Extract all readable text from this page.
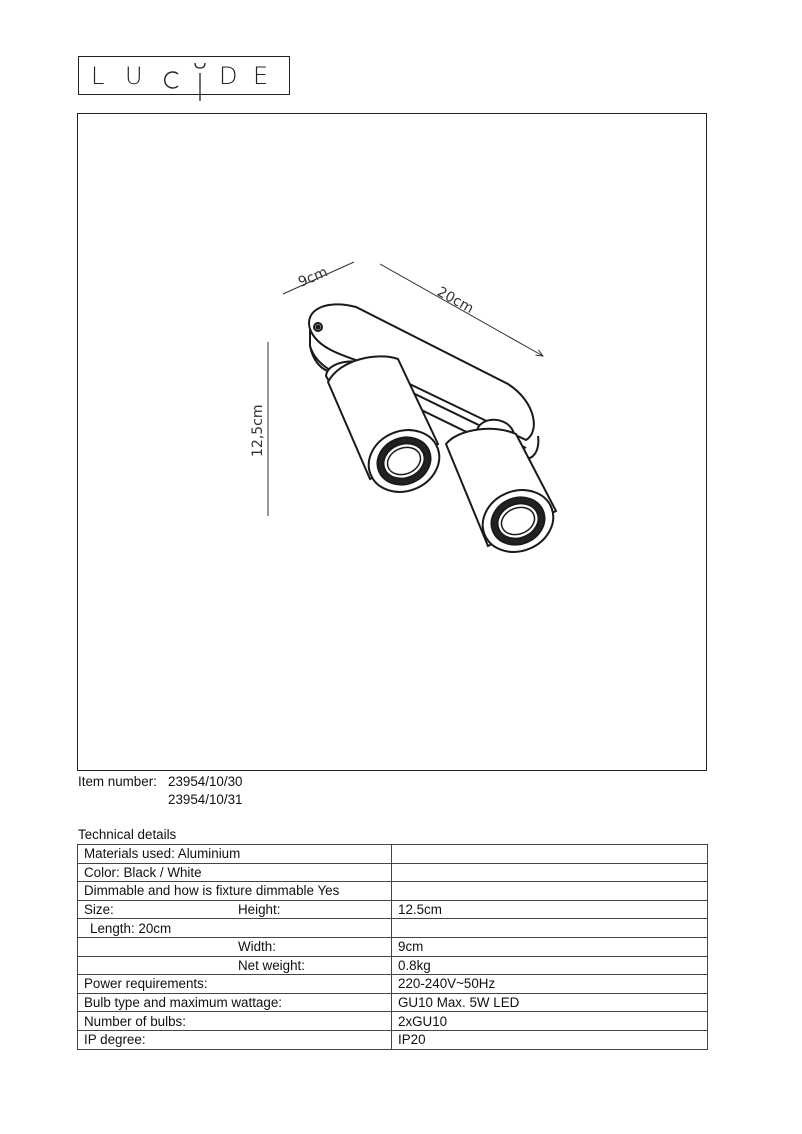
L U	D E
9cm
20cm
12,5cm
Item number: 23954/10/30
23954/10/31
Technical details
Materials used: Aluminium	
Color: Black / White	
Dimmable and how is fixture dimmable Yes	

Size: Height:	12.5cm
Length: 20cm	

Width:	9cm

Net weight:	0.8kg
Power requirements:	220-240V~50Hz
Bulb type and maximum wattage:	GU10 Max. 5W LED
Number of bulbs:	2xGU10
IP degree:	IP20
